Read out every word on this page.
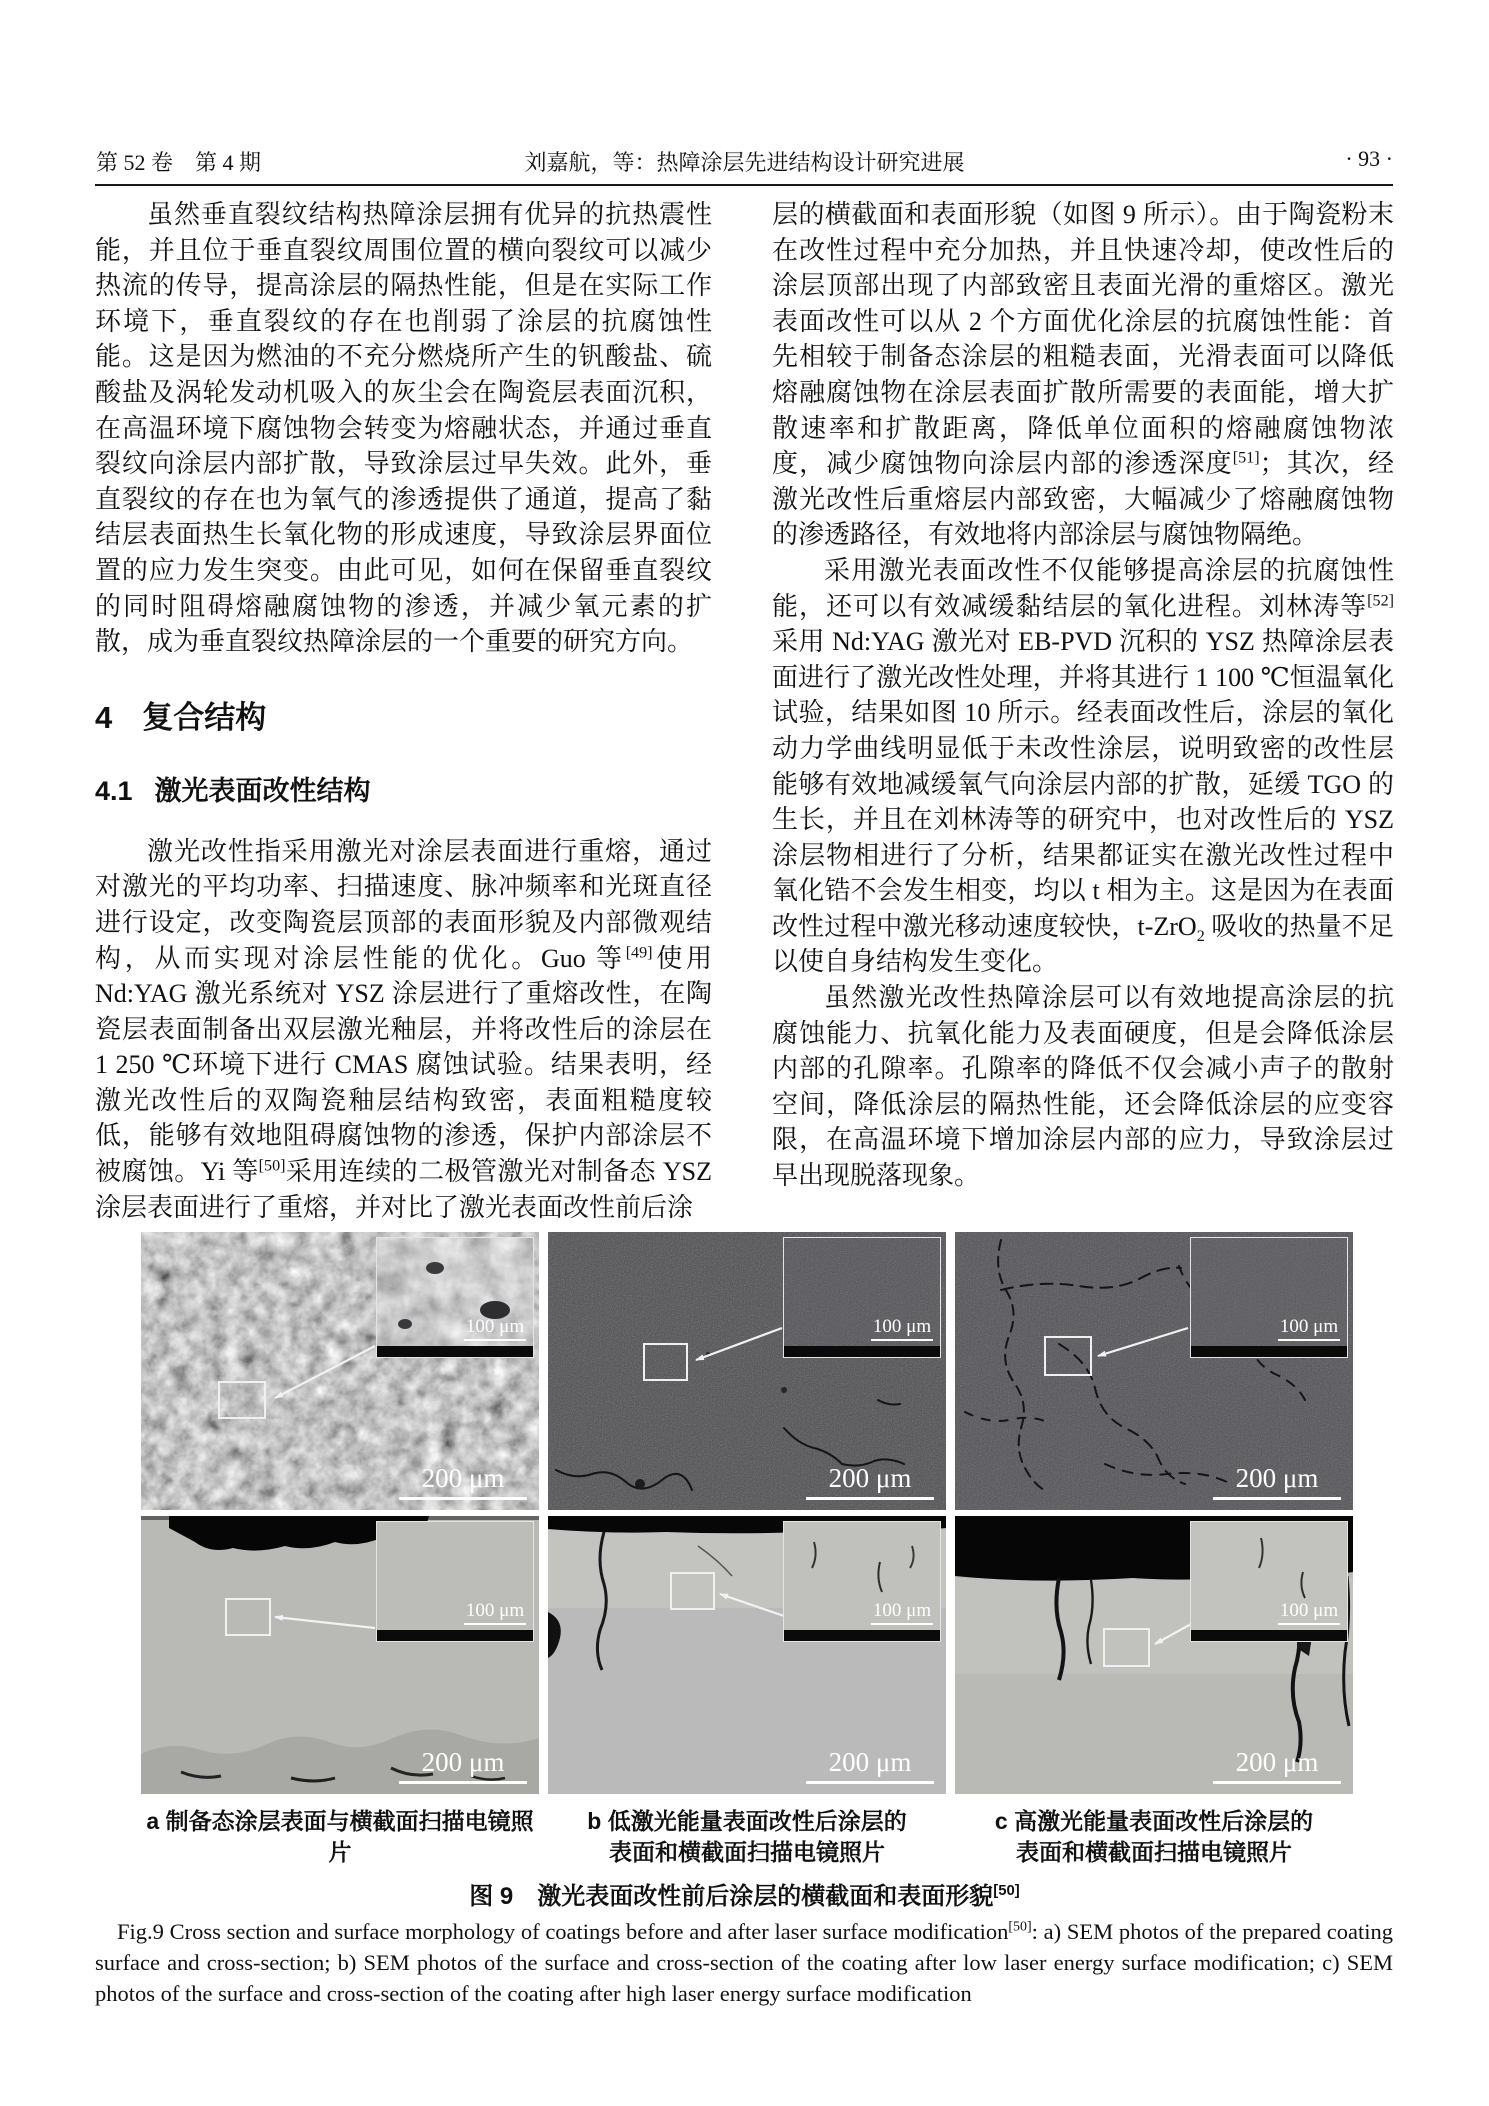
第 52 卷　第 4 期	刘嘉航，等：热障涂层先进结构设计研究进展	· 93 ·

虽然垂直裂纹结构热障涂层拥有优异的抗热震性能，并且位于垂直裂纹周围位置的横向裂纹可以减少热流的传导，提高涂层的隔热性能，但是在实际工作环境下，垂直裂纹的存在也削弱了涂层的抗腐蚀性能。这是因为燃油的不充分燃烧所产生的钒酸盐、硫酸盐及涡轮发动机吸入的灰尘会在陶瓷层表面沉积，在高温环境下腐蚀物会转变为熔融状态，并通过垂直裂纹向涂层内部扩散，导致涂层过早失效。此外，垂直裂纹的存在也为氧气的渗透提供了通道，提高了黏结层表面热生长氧化物的形成速度，导致涂层界面位置的应力发生突变。由此可见，如何在保留垂直裂纹的同时阻碍熔融腐蚀物的渗透，并减少氧元素的扩散，成为垂直裂纹热障涂层的一个重要的研究方向。

4 复合结构
4.1 激光表面改性结构

激光改性指采用激光对涂层表面进行重熔，通过对激光的平均功率、扫描速度、脉冲频率和光斑直径进行设定，改变陶瓷层顶部的表面形貌及内部微观结构，从而实现对涂层性能的优化。Guo 等[49]使用 Nd:YAG 激光系统对 YSZ 涂层进行了重熔改性，在陶瓷层表面制备出双层激光釉层，并将改性后的涂层在 1 250 ℃环境下进行 CMAS 腐蚀试验。结果表明，经激光改性后的双陶瓷釉层结构致密，表面粗糙度较低，能够有效地阻碍腐蚀物的渗透，保护内部涂层不被腐蚀。Yi 等[50]采用连续的二极管激光对制备态 YSZ 涂层表面进行了重熔，并对比了激光表面改性前后涂

层的横截面和表面形貌（如图 9 所示）。由于陶瓷粉末在改性过程中充分加热，并且快速冷却，使改性后的涂层顶部出现了内部致密且表面光滑的重熔区。激光表面改性可以从 2 个方面优化涂层的抗腐蚀性能：首先相较于制备态涂层的粗糙表面，光滑表面可以降低熔融腐蚀物在涂层表面扩散所需要的表面能，增大扩散速率和扩散距离，降低单位面积的熔融腐蚀物浓度，减少腐蚀物向涂层内部的渗透深度[51]；其次，经激光改性后重熔层内部致密，大幅减少了熔融腐蚀物的渗透路径，有效地将内部涂层与腐蚀物隔绝。

采用激光表面改性不仅能够提高涂层的抗腐蚀性能，还可以有效减缓黏结层的氧化进程。刘林涛等[52]采用 Nd:YAG 激光对 EB-PVD 沉积的 YSZ 热障涂层表面进行了激光改性处理，并将其进行 1 100 ℃恒温氧化试验，结果如图 10 所示。经表面改性后，涂层的氧化动力学曲线明显低于未改性涂层，说明致密的改性层能够有效地减缓氧气向涂层内部的扩散，延缓 TGO 的生长，并且在刘林涛等的研究中，也对改性后的 YSZ 涂层物相进行了分析，结果都证实在激光改性过程中氧化锆不会发生相变，均以 t 相为主。这是因为在表面改性过程中激光移动速度较快，t-ZrO$_2$ 吸收的热量不足以使自身结构发生变化。

虽然激光改性热障涂层可以有效地提高涂层的抗腐蚀能力、抗氧化能力及表面硬度，但是会降低涂层内部的孔隙率。孔隙率的降低不仅会减小声子的散射空间，降低涂层的隔热性能，还会降低涂层的应变容限，在高温环境下增加涂层内部的应力，导致涂层过早出现脱落现象。

100 μm
200 μm
100 μm
200 μm
100 μm
200 μm
100 μm
200 μm
100 μm
200 μm
100 μm
200 μm
a 制备态涂层表面与横截面扫描电镜照片
b 低激光能量表面改性后涂层的
表面和横截面扫描电镜照片
c 高激光能量表面改性后涂层的
表面和横截面扫描电镜照片
图 9　激光表面改性前后涂层的横截面和表面形貌[50]
Fig.9 Cross section and surface morphology of coatings before and after laser surface modification[50]: a) SEM photos of the prepared coating surface and cross-section; b) SEM photos of the surface and cross-section of the coating after low laser energy surface modification; c) SEM photos of the surface and cross-section of the coating after high laser energy surface modification
